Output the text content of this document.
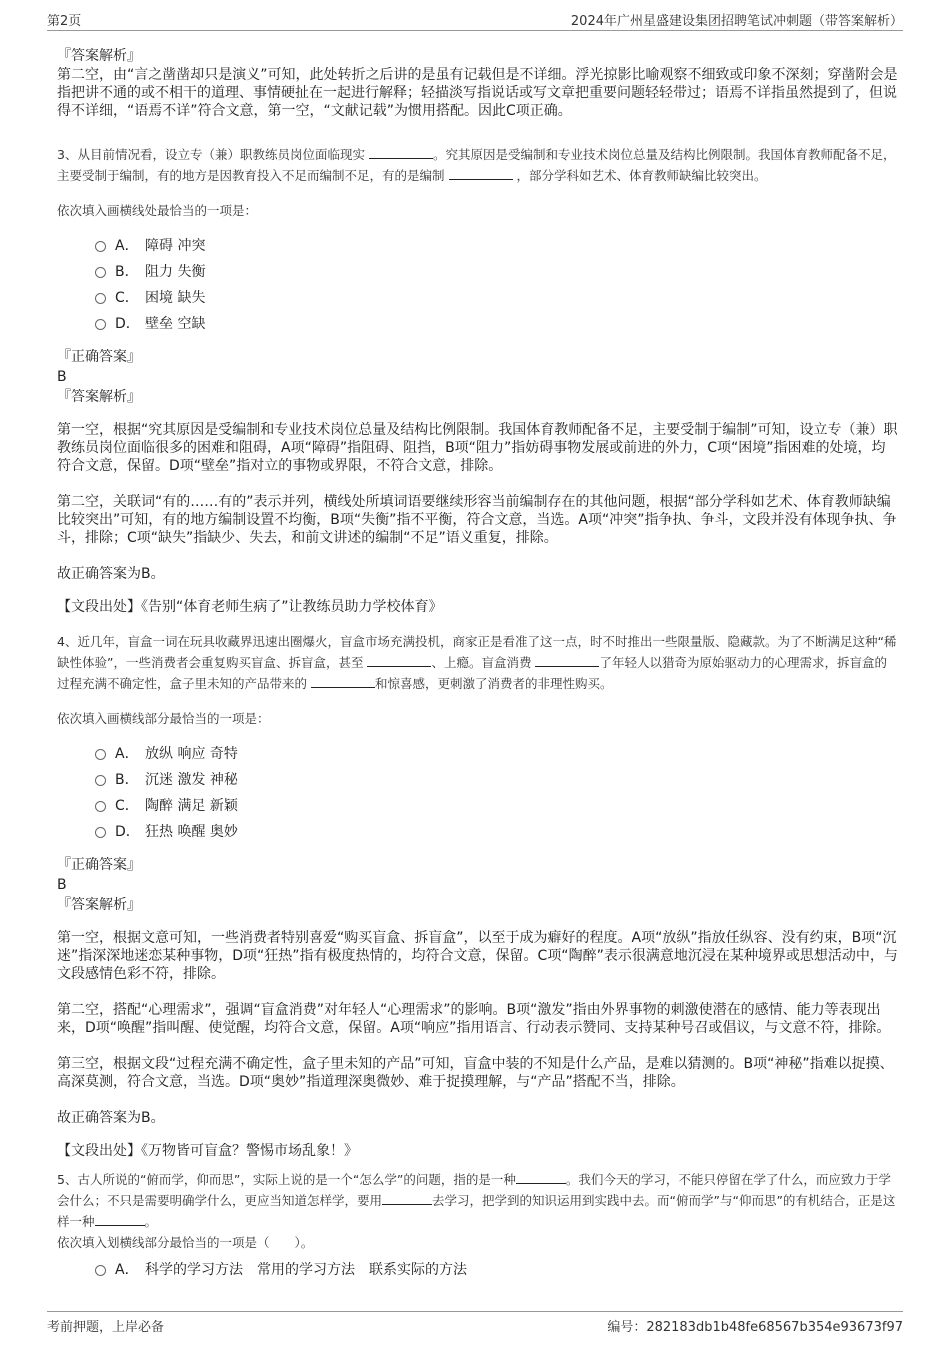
第2页	2024年广州星盛建设集团招聘笔试冲刺题（带答案解析）

『答案解析』

第二空，由“言之凿凿却只是演义”可知，此处转折之后讲的是虽有记载但是不详细。浮光掠影比喻观察不细致或印象不深刻；穿凿附会是指把讲不通的或不相干的道理、事情硬扯在一起进行解释；轻描淡写指说话或写文章把重要问题轻轻带过；语焉不详指虽然提到了，但说得不详细，“语焉不详”符合文意，第一空，“文献记载”为惯用搭配。因此C项正确。

3、从目前情况看，设立专（兼）职教练员岗位面临现实	。究其原因是受编制和专业技术岗位总量及结构比例限制。我国体育教师配备不足，主要受制于编制，有的地方是因教育投入不足而编制不足，有的是编制	，部分学科如艺术、体育教师缺编比较突出。

依次填入画横线处最恰当的一项是：

A． 障碍 冲突
B． 阻力 失衡
C． 困境 缺失
D． 壁垒 空缺

『正确答案』

B

『答案解析』

第一空，根据“究其原因是受编制和专业技术岗位总量及结构比例限制。我国体育教师配备不足，主要受制于编制”可知，设立专（兼）职教练员岗位面临很多的困难和阻碍，A项“障碍”指阻碍、阻挡，B项“阻力”指妨碍事物发展或前进的外力，C项“困境”指困难的处境，均符合文意，保留。D项“壁垒”指对立的事物或界限，不符合文意，排除。

第二空，关联词“有的……有的”表示并列，横线处所填词语要继续形容当前编制存在的其他问题，根据“部分学科如艺术、体育教师缺编比较突出”可知，有的地方编制设置不均衡，B项“失衡”指不平衡，符合文意，当选。A项“冲突”指争执、争斗，文段并没有体现争执、争斗，排除；C项“缺失”指缺少、失去，和前文讲述的编制“不足”语义重复，排除。

故正确答案为B。

【文段出处】《告别“体育老师生病了”让教练员助力学校体育》

4、近几年，盲盒一词在玩具收藏界迅速出圈爆火，盲盒市场充满投机，商家正是看准了这一点，时不时推出一些限量版、隐藏款。为了不断满足这种“稀缺性体验”，一些消费者会重复购买盲盒、拆盲盒，甚至	、上瘾。盲盒消费	了年轻人以猎奇为原始驱动力的心理需求，拆盲盒的过程充满不确定性，盒子里未知的产品带来的	和惊喜感，更刺激了消费者的非理性购买。

依次填入画横线部分最恰当的一项是：

A． 放纵 响应 奇特
B． 沉迷 激发 神秘
C． 陶醉 满足 新颖
D． 狂热 唤醒 奥妙

『正确答案』

B

『答案解析』

第一空，根据文意可知，一些消费者特别喜爱“购买盲盒、拆盲盒”，以至于成为癖好的程度。A项“放纵”指放任纵容、没有约束，B项“沉迷”指深深地迷恋某种事物，D项“狂热”指有极度热情的，均符合文意，保留。C项“陶醉”表示很满意地沉浸在某种境界或思想活动中，与文段感情色彩不符，排除。

第二空，搭配“心理需求”，强调“盲盒消费”对年轻人“心理需求”的影响。B项“激发”指由外界事物的刺激使潜在的感情、能力等表现出来，D项“唤醒”指叫醒、使觉醒，均符合文意，保留。A项“响应”指用语言、行动表示赞同、支持某种号召或倡议，与文意不符，排除。

第三空，根据文段“过程充满不确定性，盒子里未知的产品”可知，盲盒中装的不知是什么产品，是难以猜测的。B项“神秘”指难以捉摸、高深莫测，符合文意，当选。D项“奥妙”指道理深奥微妙、难于捉摸理解，与“产品”搭配不当，排除。

故正确答案为B。

【文段出处】《万物皆可盲盒？警惕市场乱象！》

5、古人所说的“俯而学，仰而思”，实际上说的是一个“怎么学”的问题，指的是一种	。我们今天的学习，不能只停留在学了什么，而应致力于学会什么；不只是需要明确学什么，更应当知道怎样学，要用	去学习，把学到的知识运用到实践中去。而“俯而学”与“仰而思”的有机结合，正是这样一种	。

依次填入划横线部分最恰当的一项是（　　）。

A． 科学的学习方法　常用的学习方法　联系实际的方法
考前押题，上岸必备	编号：282183db1b48fe68567b354e93673f97
